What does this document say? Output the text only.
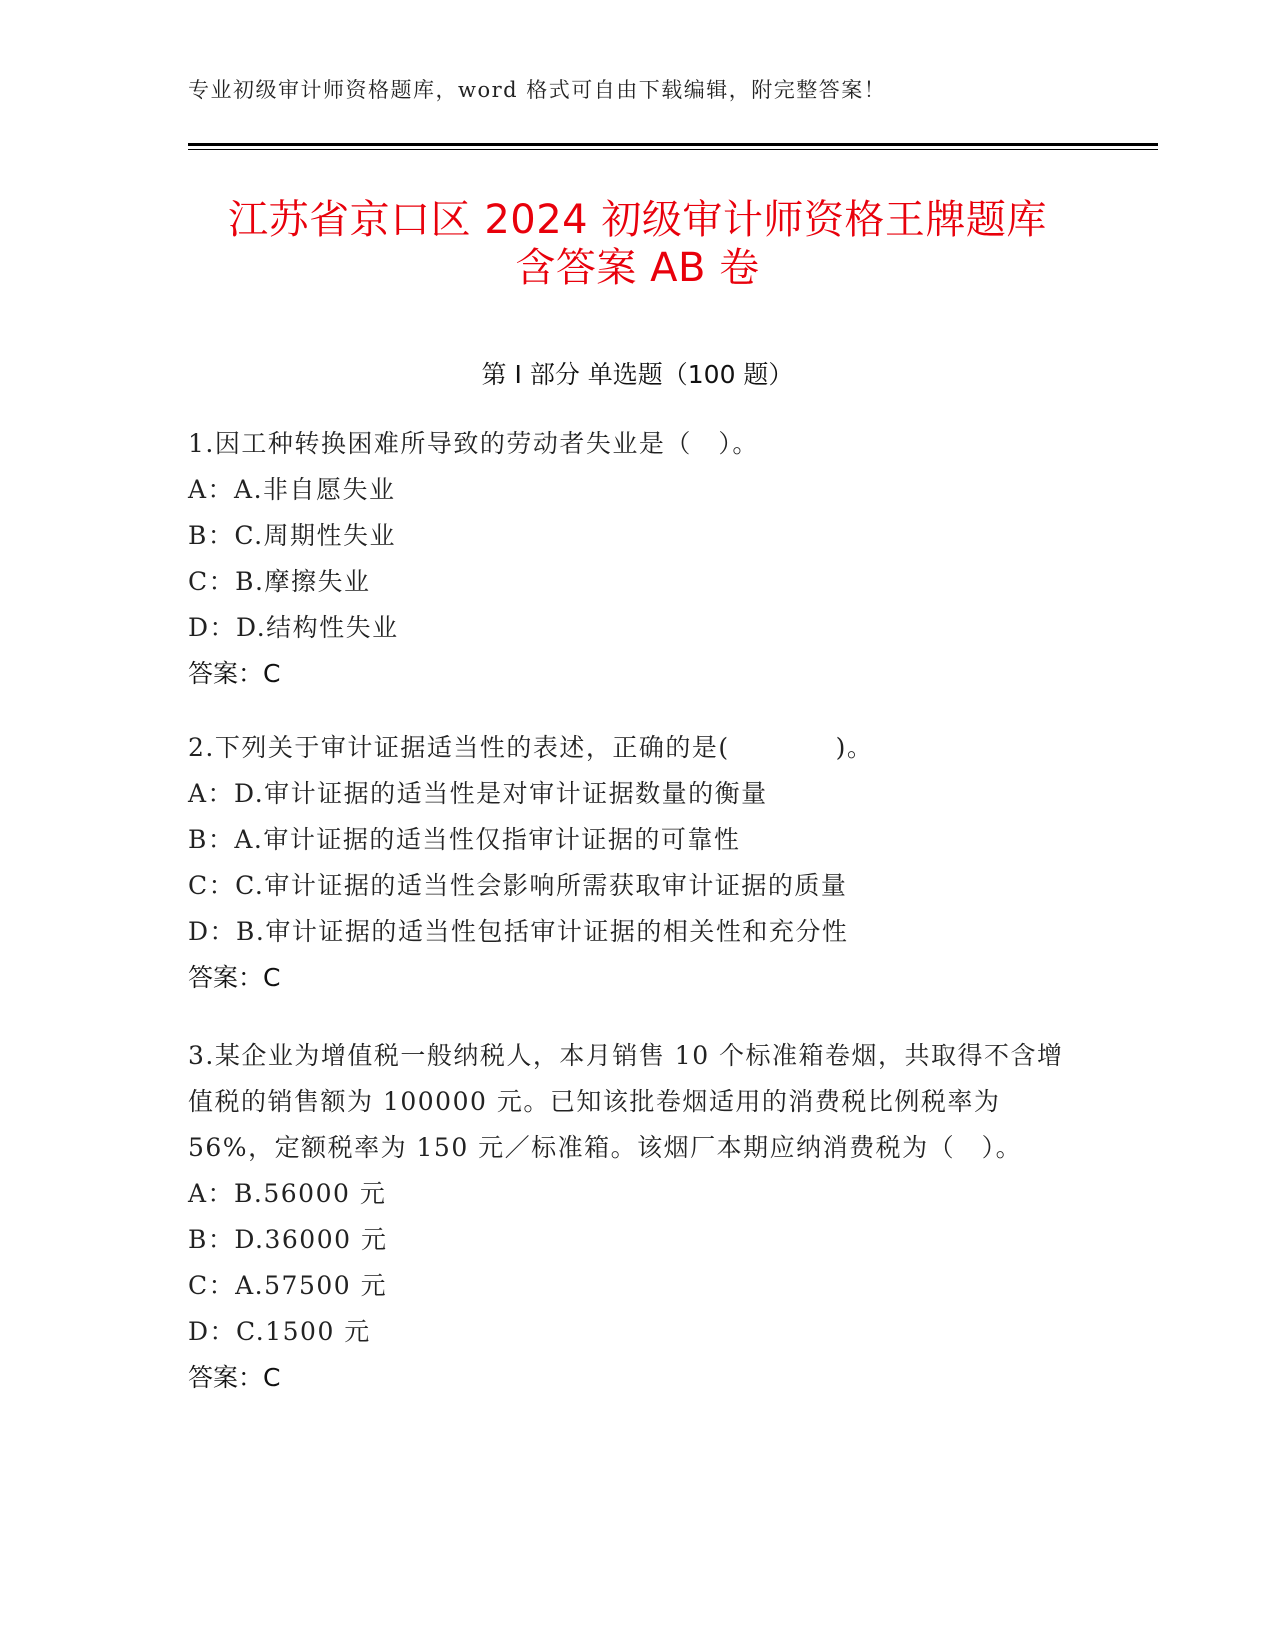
专业初级审计师资格题库，word 格式可自由下载编辑，附完整答案！
江苏省京口区 2024 初级审计师资格王牌题库
含答案 AB 卷
第 I 部分 单选题（100 题）
1.因工种转换困难所导致的劳动者失业是（　）。
A：A.非自愿失业
B：C.周期性失业
C：B.摩擦失业
D：D.结构性失业
答案：C
2.下列关于审计证据适当性的表述，正确的是(　　　　)。
A：D.审计证据的适当性是对审计证据数量的衡量
B：A.审计证据的适当性仅指审计证据的可靠性
C：C.审计证据的适当性会影响所需获取审计证据的质量
D：B.审计证据的适当性包括审计证据的相关性和充分性
答案：C
3.某企业为增值税一般纳税人，本月销售 10 个标准箱卷烟，共取得不含增值税的销售额为 100000 元。已知该批卷烟适用的消费税比例税率为 56%，定额税率为 150 元／标准箱。该烟厂本期应纳消费税为（　）。
A：B.56000 元
B：D.36000 元
C：A.57500 元
D：C.1500 元
答案：C
